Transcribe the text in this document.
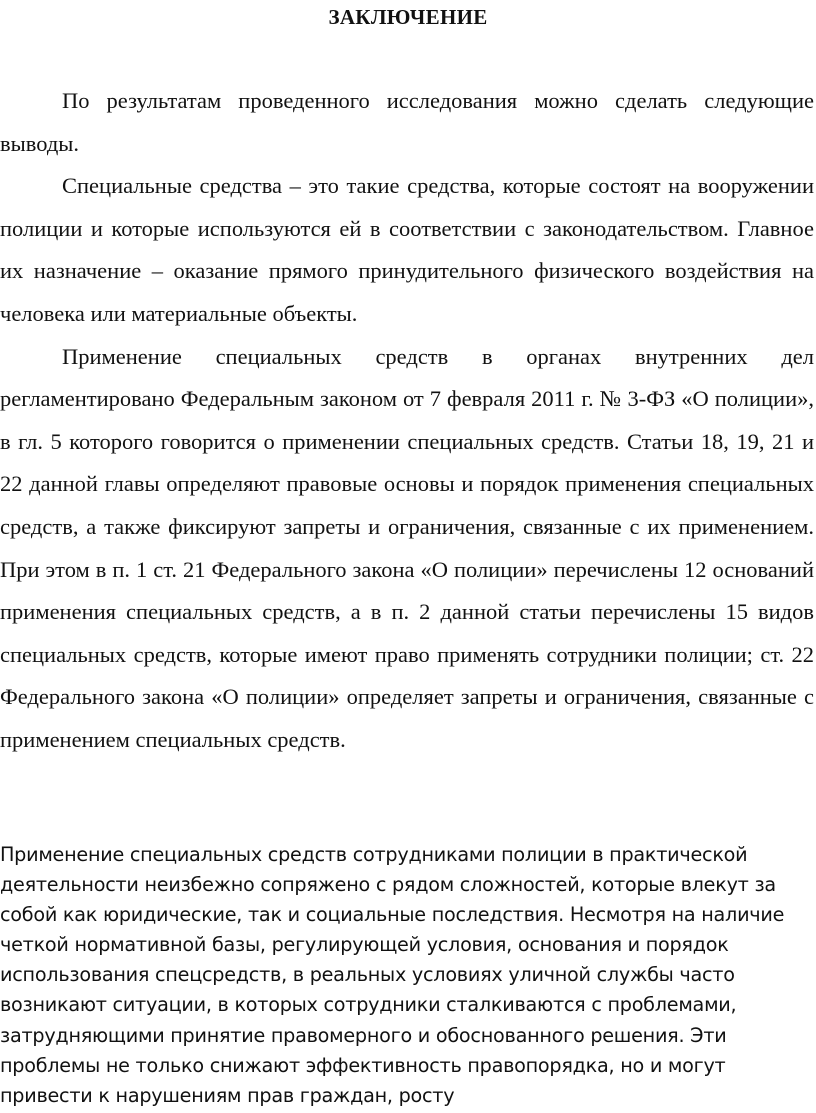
ЗАКЛЮЧЕНИЕ

По результатам проведенного исследования можно сделать следующие выводы.

Специальные средства – это такие средства, которые состоят на вооружении полиции и которые используются ей в соответствии с законодательством. Главное их назначение – оказание прямого принудительного физического воздействия на человека или материальные объекты.

Применение специальных средств в органах внутренних дел регламентировано Федеральным законом от 7 февраля 2011 г. № 3-ФЗ «О полиции», в гл. 5 которого говорится о применении специальных средств. Статьи 18, 19, 21 и 22 данной главы определяют правовые основы и порядок применения специальных средств, а также фиксируют запреты и ограничения, связанные с их применением. При этом в п. 1 ст. 21 Федерального закона «О полиции» перечислены 12 оснований применения специальных средств, а в п. 2 данной статьи перечислены 15 видов специальных средств, которые имеют право применять сотрудники полиции; ст. 22 Федерального закона «О полиции» определяет запреты и ограничения, связанные с применением специальных средств.

Применение специальных средств сотрудниками полиции в практической

деятельности неизбежно сопряжено с рядом сложностей, которые влекут за

собой как юридические, так и социальные последствия. Несмотря на наличие

четкой нормативной базы, регулирующей условия, основания и порядок

использования спецсредств, в реальных условиях уличной службы часто

возникают ситуации, в которых сотрудники сталкиваются с проблемами,

затрудняющими принятие правомерного и обоснованного решения. Эти

проблемы не только снижают эффективность правопорядка, но и могут

привести к нарушениям прав граждан, росту
